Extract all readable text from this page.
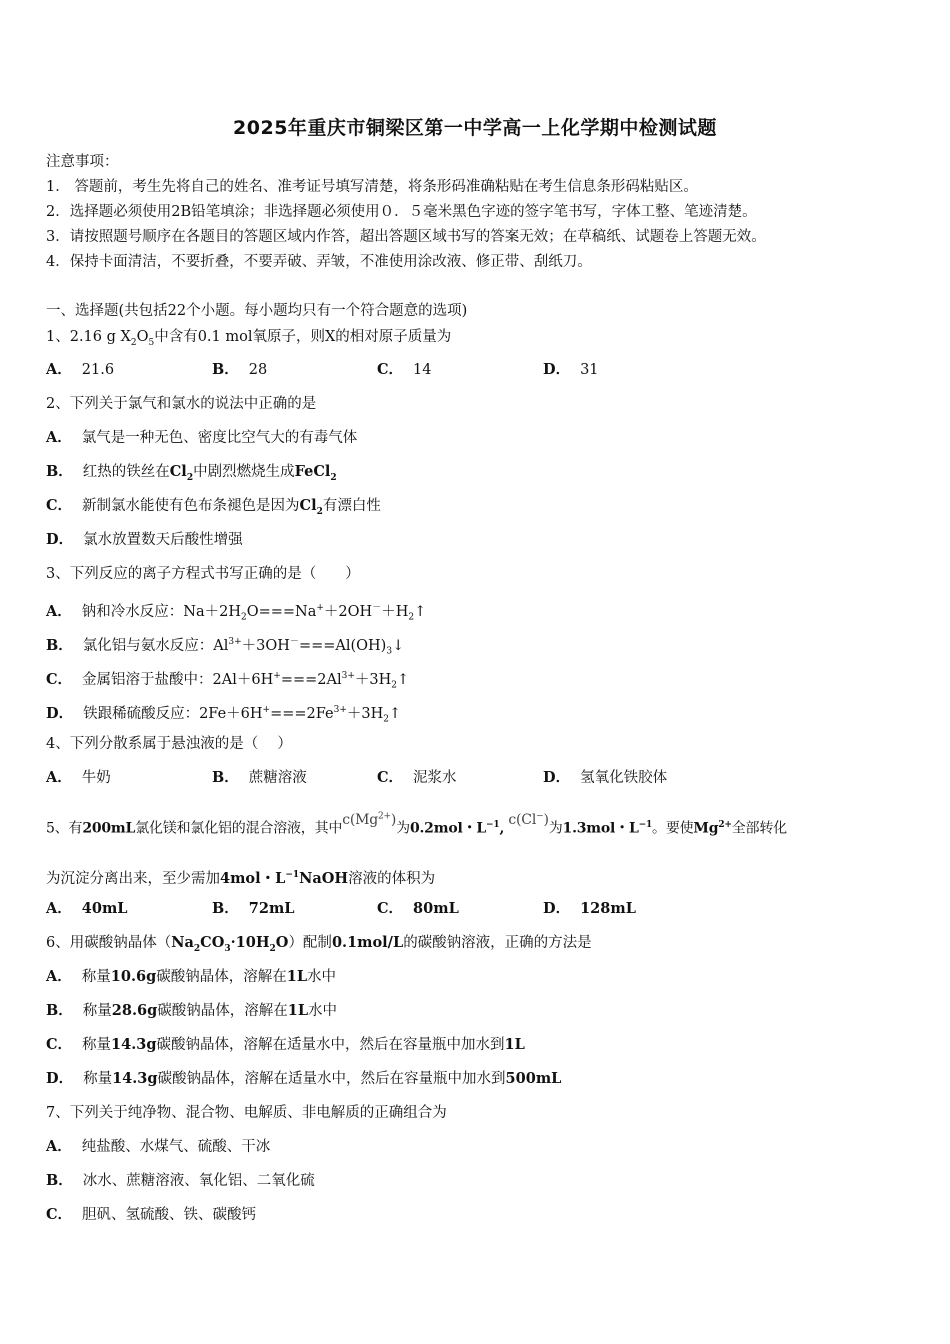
2025年重庆市铜梁区第一中学高一上化学期中检测试题
注意事项：
1． 答题前，考生先将自己的姓名、准考证号填写清楚，将条形码准确粘贴在考生信息条形码粘贴区。
2．选择题必须使用2B铅笔填涂；非选择题必须使用０．５毫米黑色字迹的签字笔书写，字体工整、笔迹清楚。
3．请按照题号顺序在各题目的答题区域内作答，超出答题区域书写的答案无效；在草稿纸、试题卷上答题无效。
4．保持卡面清洁，不要折叠，不要弄破、弄皱，不准使用涂改液、修正带、刮纸刀。
一、选择题(共包括22个小题。每小题均只有一个符合题意的选项)
1、2.16 g $X_2O_5$中含有0.1 mol氧原子，则X的相对原子质量为
A． 21.6	B． 28	C． 14	D． 31
2、下列关于氯气和氯水的说法中正确的是
A． 氯气是一种无色、密度比空气大的有毒气体
B． 红热的铁丝在$Cl_2$中剧烈燃烧生成FeCl$_2$
C． 新制氯水能使有色布条褪色是因为$Cl_2$有漂白性
D． 氯水放置数天后酸性增强
3、下列反应的离子方程式书写正确的是（　　）
A． 钠和冷水反应：$Na+2H_2O===Na^++2OH^-+H_2↑$
B． 氯化铝与氨水反应：$Al^{3+}+3OH^-===Al(OH)_3↓$
C． 金属铝溶于盐酸中：$2Al+6H^+===2Al^{3+}+3H_2↑$
D． 铁跟稀硫酸反应：$2Fe+6H^+===2Fe^{3+}+3H_2↑$
4、下列分散系属于悬浊液的是（　 ）
A． 牛奶	B． 蔗糖溶液	C． 泥浆水	D． 氢氧化铁胶体
5、有200mL氯化镁和氯化铝的混合溶液，其中$c(Mg^{2+})$为0.2mol・$L^{-1}$, c(Cl−)为1.3mol・$L^{-1}$。要使$Mg^{2+}$全部转化
为沉淀分离出来，至少需加4mol・$L^{-1}NaOH$溶液的体积为
A． 40mL	B． 72mL	C． 80mL	D． 128mL
6、用碳酸钠晶体$(Na_2CO_3\cdot 10H_2O)$配制0.1mol/L的碳酸钠溶液，正确的方法是
A． 称量10.6g碳酸钠晶体，溶解在1L水中
B． 称量28.6g碳酸钠晶体，溶解在1L水中
C． 称量14.3g碳酸钠晶体，溶解在适量水中，然后在容量瓶中加水到1L
D． 称量14.3g碳酸钠晶体，溶解在适量水中，然后在容量瓶中加水到500mL
7、下列关于纯净物、混合物、电解质、非电解质的正确组合为
A． 纯盐酸、水煤气、硫酸、干冰
B． 冰水、蔗糖溶液、氧化铝、二氧化硫
C． 胆矾、氢硫酸、铁、碳酸钙
